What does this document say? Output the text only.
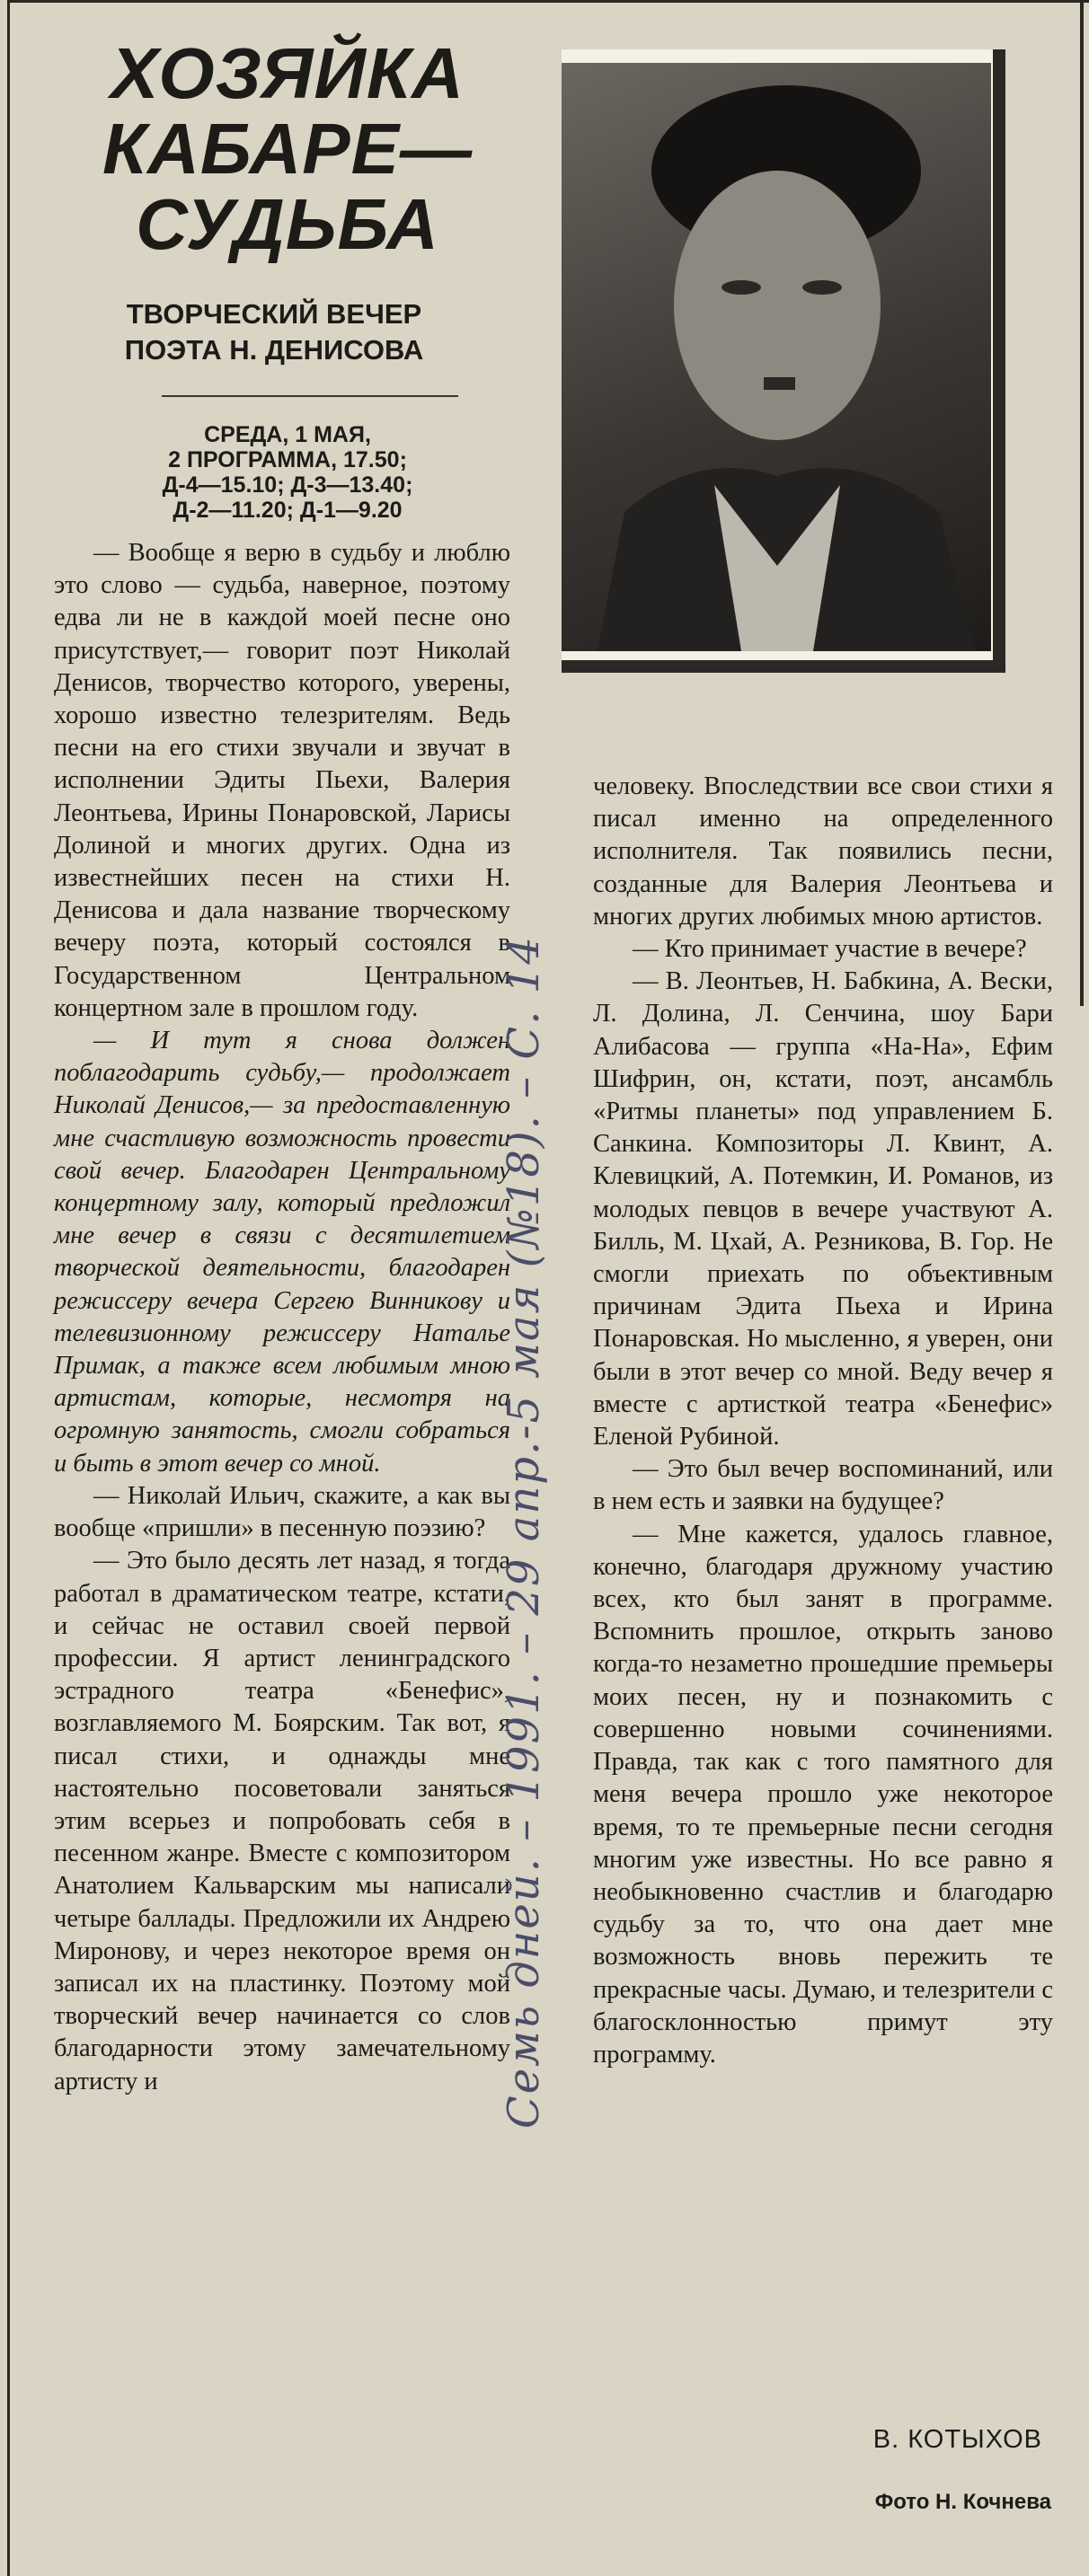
ХОЗЯЙКА
КАБАРЕ—
СУДЬБА
ТВОРЧЕСКИЙ ВЕЧЕР
ПОЭТА Н. ДЕНИСОВА
СРЕДА, 1 МАЯ,
2 ПРОГРАММА, 17.50;
Д-4—15.10; Д-3—13.40;
Д-2—11.20; Д-1—9.20

— Вообще я верю в судьбу и люблю это слово — судьба, наверное, поэтому едва ли не в каждой моей песне оно присутствует,— говорит поэт Николай Денисов, творчество которого, уверены, хорошо известно телезрителям. Ведь песни на его стихи звучали и звучат в исполнении Эдиты Пьехи, Валерия Леонтьева, Ирины Понаровской, Ларисы Долиной и многих других. Одна из известнейших песен на стихи Н. Денисова и дала название творческому вечеру поэта, который состоялся в Государственном Центральном концертном зале в прошлом году.

— И тут я снова должен поблагодарить судьбу,— продолжает Николай Денисов,— за предоставленную мне счастливую возможность провести свой вечер. Благодарен Центральному концертному залу, который предложил мне вечер в связи с десятилетием творческой деятельности, благодарен режиссеру вечера Сергею Винникову и телевизионному режиссеру Наталье Примак, а также всем любимым мною артистам, которые, несмотря на огромную занятость, смогли собраться и быть в этот вечер со мной.

— Николай Ильич, скажите, а как вы вообще «пришли» в песенную поэзию?

— Это было десять лет назад, я тогда работал в драматическом театре, кстати, и сейчас не оставил своей первой профессии. Я артист ленинградского эстрадного театра «Бенефис», возглавляемого М. Боярским. Так вот, я писал стихи, и однажды мне настоятельно посоветовали заняться этим всерьез и попробовать себя в песенном жанре. Вместе с композитором Анатолием Кальварским мы написали четыре баллады. Предложили их Андрею Миронову, и через некоторое время он записал их на пластинку. Поэтому мой творческий вечер начинается со слов благодарности этому замечательному артисту и

человеку. Впоследствии все свои стихи я писал именно на определенного исполнителя. Так появились песни, созданные для Валерия Леонтьева и многих других любимых мною артистов.

— Кто принимает участие в вечере?

— В. Леонтьев, Н. Бабкина, А. Вески, Л. Долина, Л. Сенчина, шоу Бари Алибасова — группа «На-На», Ефим Шифрин, он, кстати, поэт, ансамбль «Ритмы планеты» под управлением Б. Санкина. Композиторы Л. Квинт, А. Клевицкий, А. Потемкин, И. Романов, из молодых певцов в вечере участвуют А. Билль, М. Цхай, А. Резникова, В. Гор. Не смогли приехать по объективным причинам Эдита Пьеха и Ирина Понаровская. Но мысленно, я уверен, они были в этот вечер со мной. Веду вечер я вместе с артисткой театра «Бенефис» Еленой Рубиной.

— Это был вечер воспоминаний, или в нем есть и заявки на будущее?

— Мне кажется, удалось главное, конечно, благодаря дружному участию всех, кто был занят в программе. Вспомнить прошлое, открыть заново когда-то незаметно прошедшие премьеры моих песен, ну и познакомить с совершенно новыми сочинениями. Правда, так как с того памятного для меня вечера прошло уже некоторое время, то те премьерные песни сегодня многим уже известны. Но все равно я необыкновенно счастлив и благодарю судьбу за то, что она дает мне возможность вновь пережить те прекрасные часы. Думаю, и телезрители с благосклонностью примут эту программу.

Семь дней. – 1991. – 29 апр.-5 мая (№18). – С. 14
В. КОТЫХОВ
Фото Н. Кочнева
